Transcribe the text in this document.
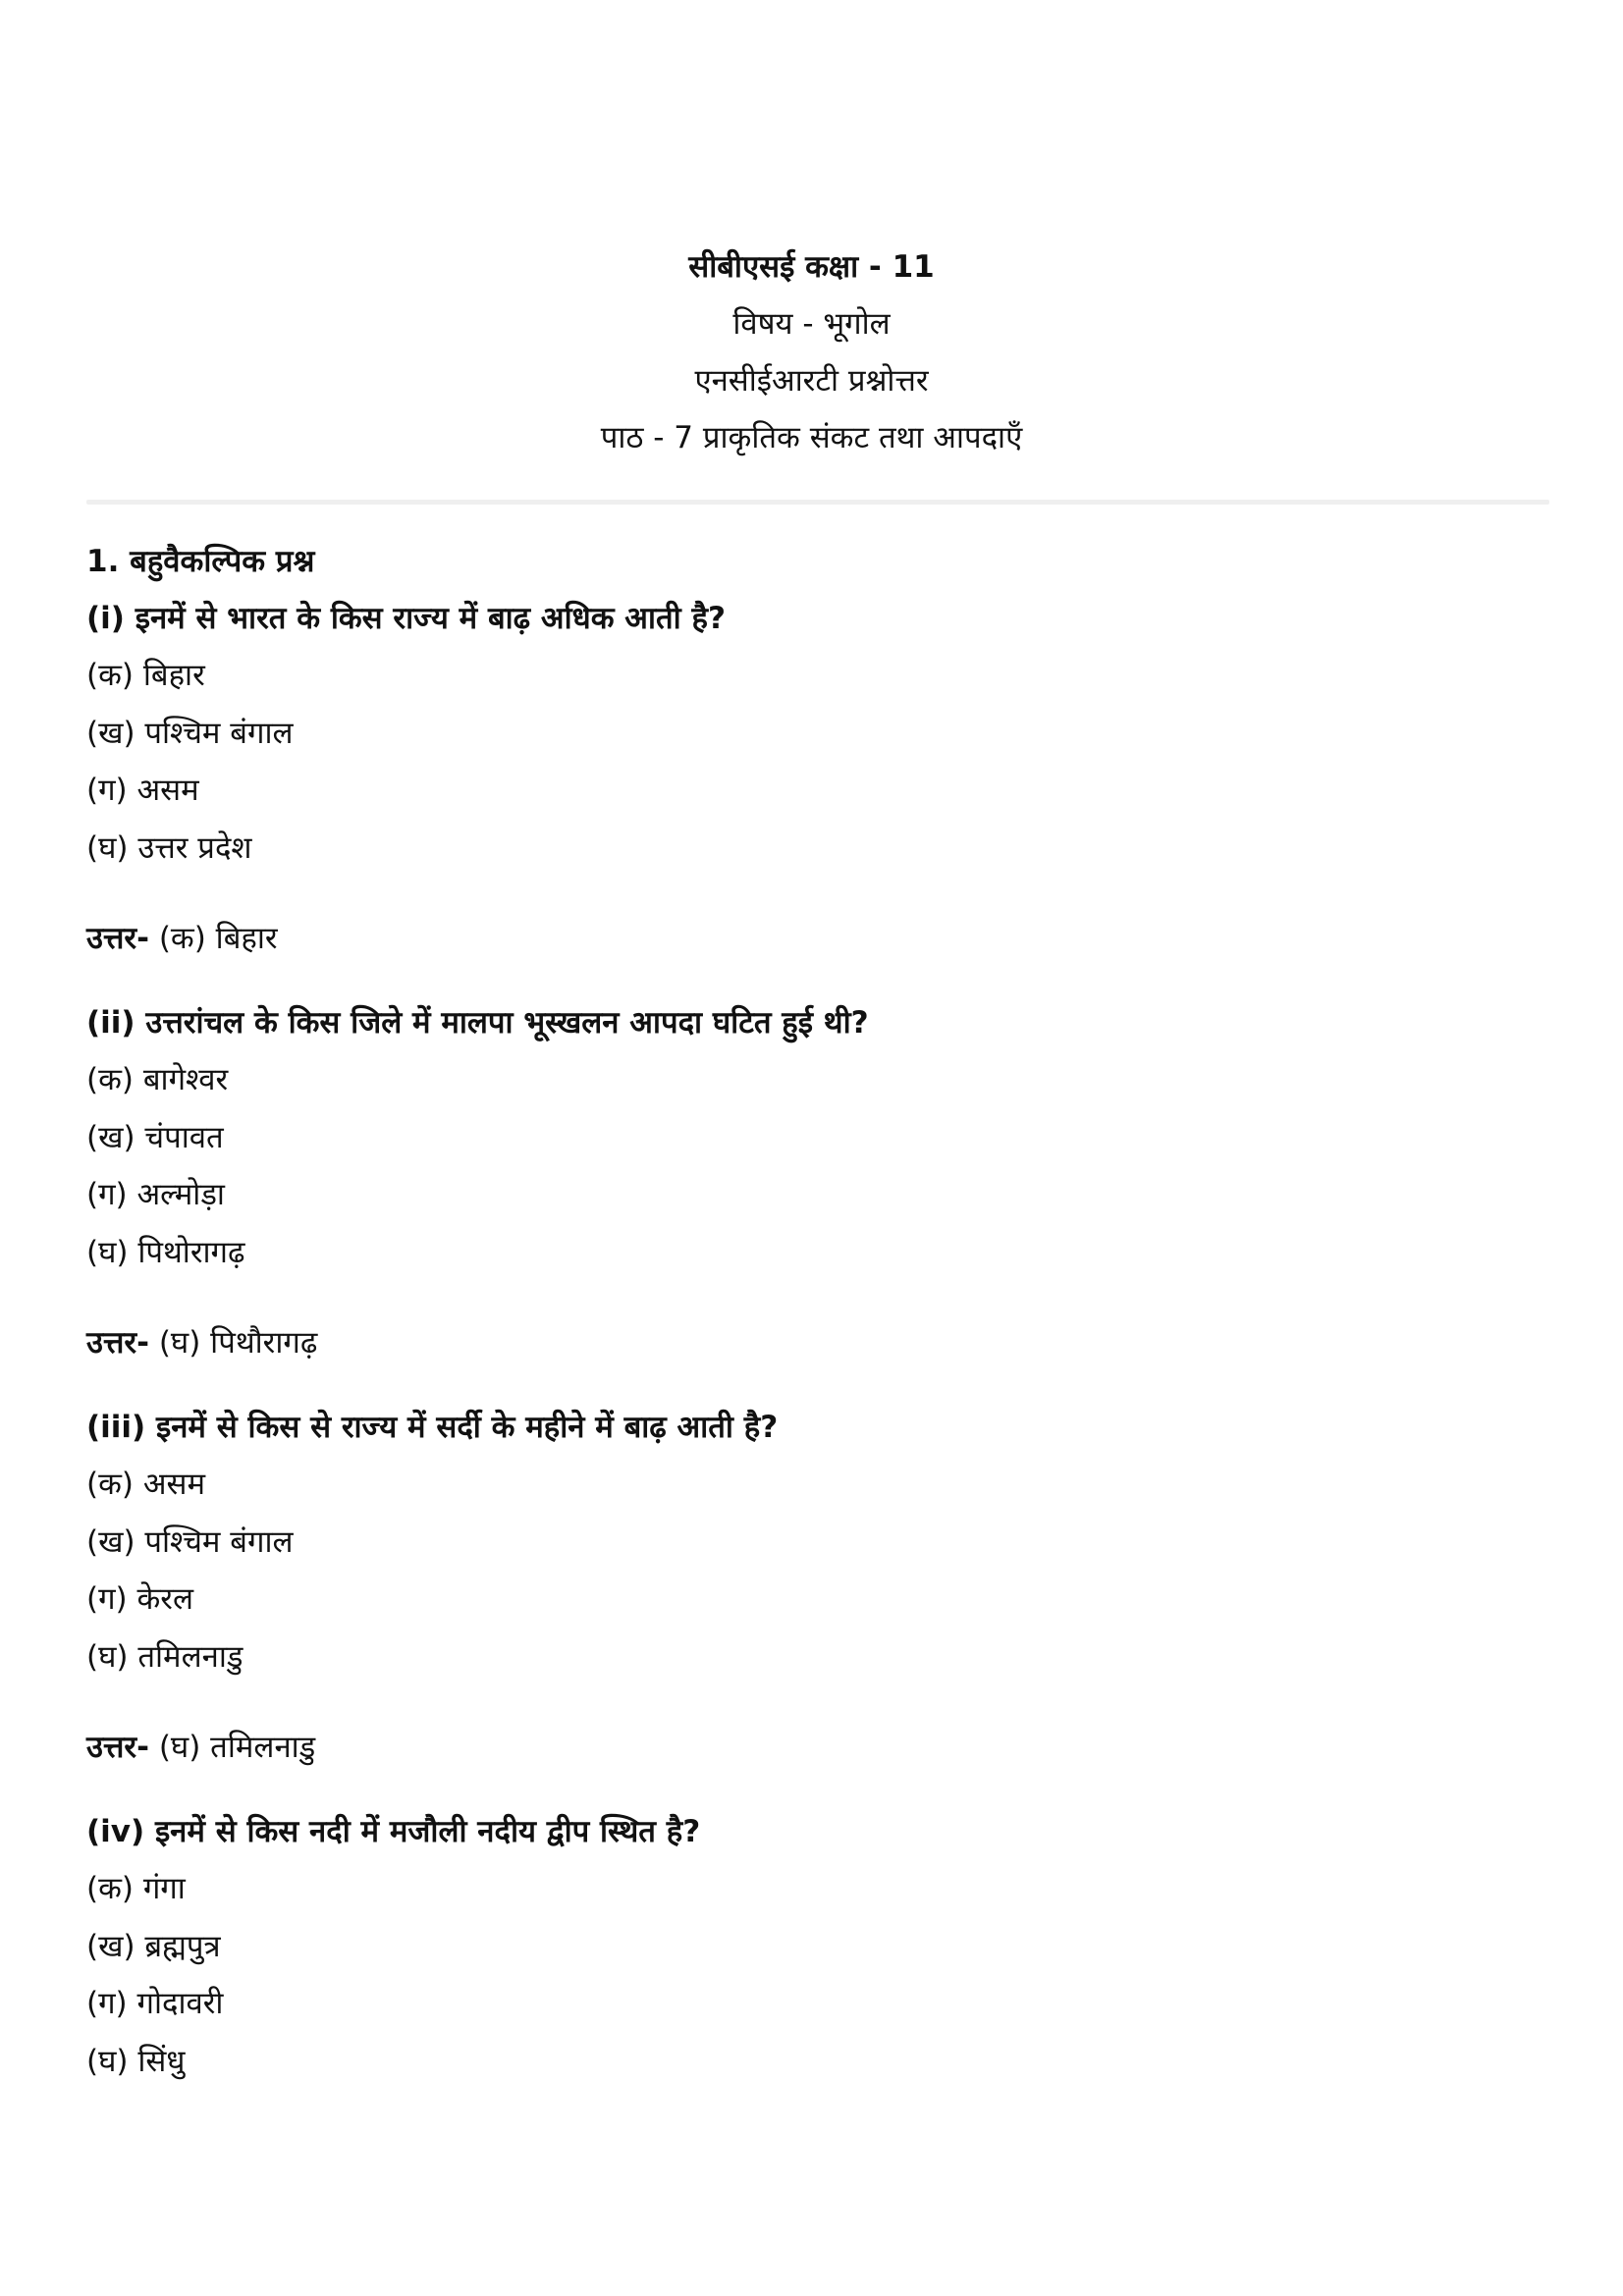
सीबीएसई कक्षा - 11
विषय - भूगोल
एनसीईआरटी प्रश्नोत्तर
पाठ - 7 प्राकृतिक संकट तथा आपदाएँ
1. बहुवैकल्पिक प्रश्न
(i) इनमें से भारत के किस राज्य में बाढ़ अधिक आती है?
(क) बिहार
(ख) पश्चिम बंगाल
(ग) असम
(घ) उत्तर प्रदेश
उत्तर- (क) बिहार
(ii) उत्तरांचल के किस जिले में मालपा भूस्खलन आपदा घटित हुई थी?
(क) बागेश्वर
(ख) चंपावत
(ग) अल्मोड़ा
(घ) पिथोरागढ़
उत्तर- (घ) पिथौरागढ़
(iii) इनमें से किस से राज्य में सर्दी के महीने में बाढ़ आती है?
(क) असम
(ख) पश्चिम बंगाल
(ग) केरल
(घ) तमिलनाडु
उत्तर- (घ) तमिलनाडु
(iv) इनमें से किस नदी में मजौली नदीय द्वीप स्थित है?
(क) गंगा
(ख) ब्रह्मपुत्र
(ग) गोदावरी
(घ) सिंधु
